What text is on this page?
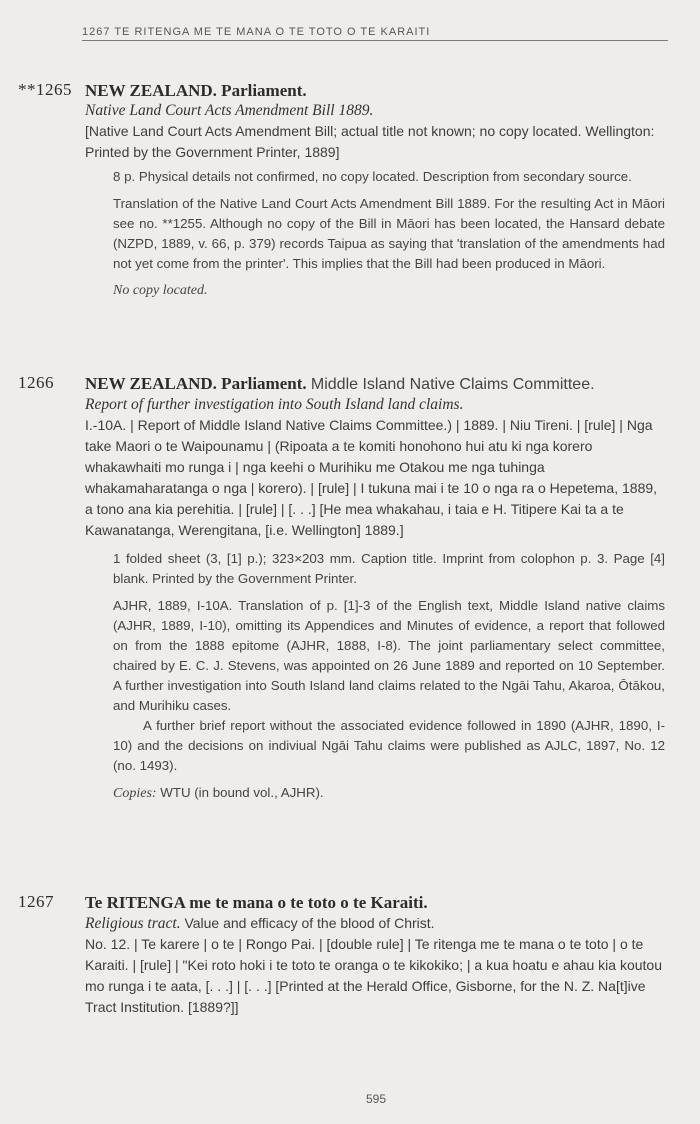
1267 TE RITENGA ME TE MANA O TE TOTO O TE KARAITI
**1265 NEW ZEALAND. Parliament.
Native Land Court Acts Amendment Bill 1889.
[Native Land Court Acts Amendment Bill; actual title not known; no copy located. Wellington: Printed by the Government Printer, 1889]

8 p. Physical details not confirmed, no copy located. Description from secondary source.

Translation of the Native Land Court Acts Amendment Bill 1889. For the resulting Act in Māori see no. **1255. Although no copy of the Bill in Māori has been located, the Hansard debate (NZPD, 1889, v. 66, p. 379) records Taipua as saying that 'translation of the amendments had not yet come from the printer'. This implies that the Bill had been produced in Māori.

No copy located.

1266 NEW ZEALAND. Parliament. Middle Island Native Claims Committee.
Report of further investigation into South Island land claims.
I.-10A. | Report of Middle Island Native Claims Committee.) | 1889. | Niu Tireni. | [rule] | Nga take Maori o te Waipounamu | (Ripoata a te komiti honohono hui atu ki nga korero whakawhaiti mo runga i | nga keehi o Murihiku me Otakou me nga tuhinga whakamaharatanga o nga | korero). | [rule] | I tukuna mai i te 10 o nga ra o Hepetema, 1889, a tono ana kia perehitia. | [rule] | [. . .] [He mea whakahau, i taia e H. Titipere Kai ta a te Kawanatanga, Werengitana, [i.e. Wellington] 1889.]

1 folded sheet (3, [1] p.); 323×203 mm. Caption title. Imprint from colophon p. 3. Page [4] blank. Printed by the Government Printer.

AJHR, 1889, I-10A. Translation of p. [1]-3 of the English text, Middle Island native claims (AJHR, 1889, I-10), omitting its Appendices and Minutes of evidence, a report that followed on from the 1888 epitome (AJHR, 1888, I-8). The joint parliamentary select committee, chaired by E. C. J. Stevens, was appointed on 26 June 1889 and reported on 10 September. A further investigation into South Island land claims related to the Ngāi Tahu, Akaroa, Ōtākou, and Murihiku cases.

A further brief report without the associated evidence followed in 1890 (AJHR, 1890, I-10) and the decisions on indiviual Ngāi Tahu claims were published as AJLC, 1897, No. 12 (no. 1493).

Copies: WTU (in bound vol., AJHR).

1267 Te RITENGA me te mana o te toto o te Karaiti.
Religious tract. Value and efficacy of the blood of Christ.
No. 12. | Te karere | o te | Rongo Pai. | [double rule] | Te ritenga me te mana o te toto | o te Karaiti. | [rule] | "Kei roto hoki i te toto te oranga o te kikokiko; | a kua hoatu e ahau kia koutou mo runga i te aata, [. . .] | [. . .] [Printed at the Herald Office, Gisborne, for the N. Z. Na[t]ive Tract Institution. [1889?]]
595
